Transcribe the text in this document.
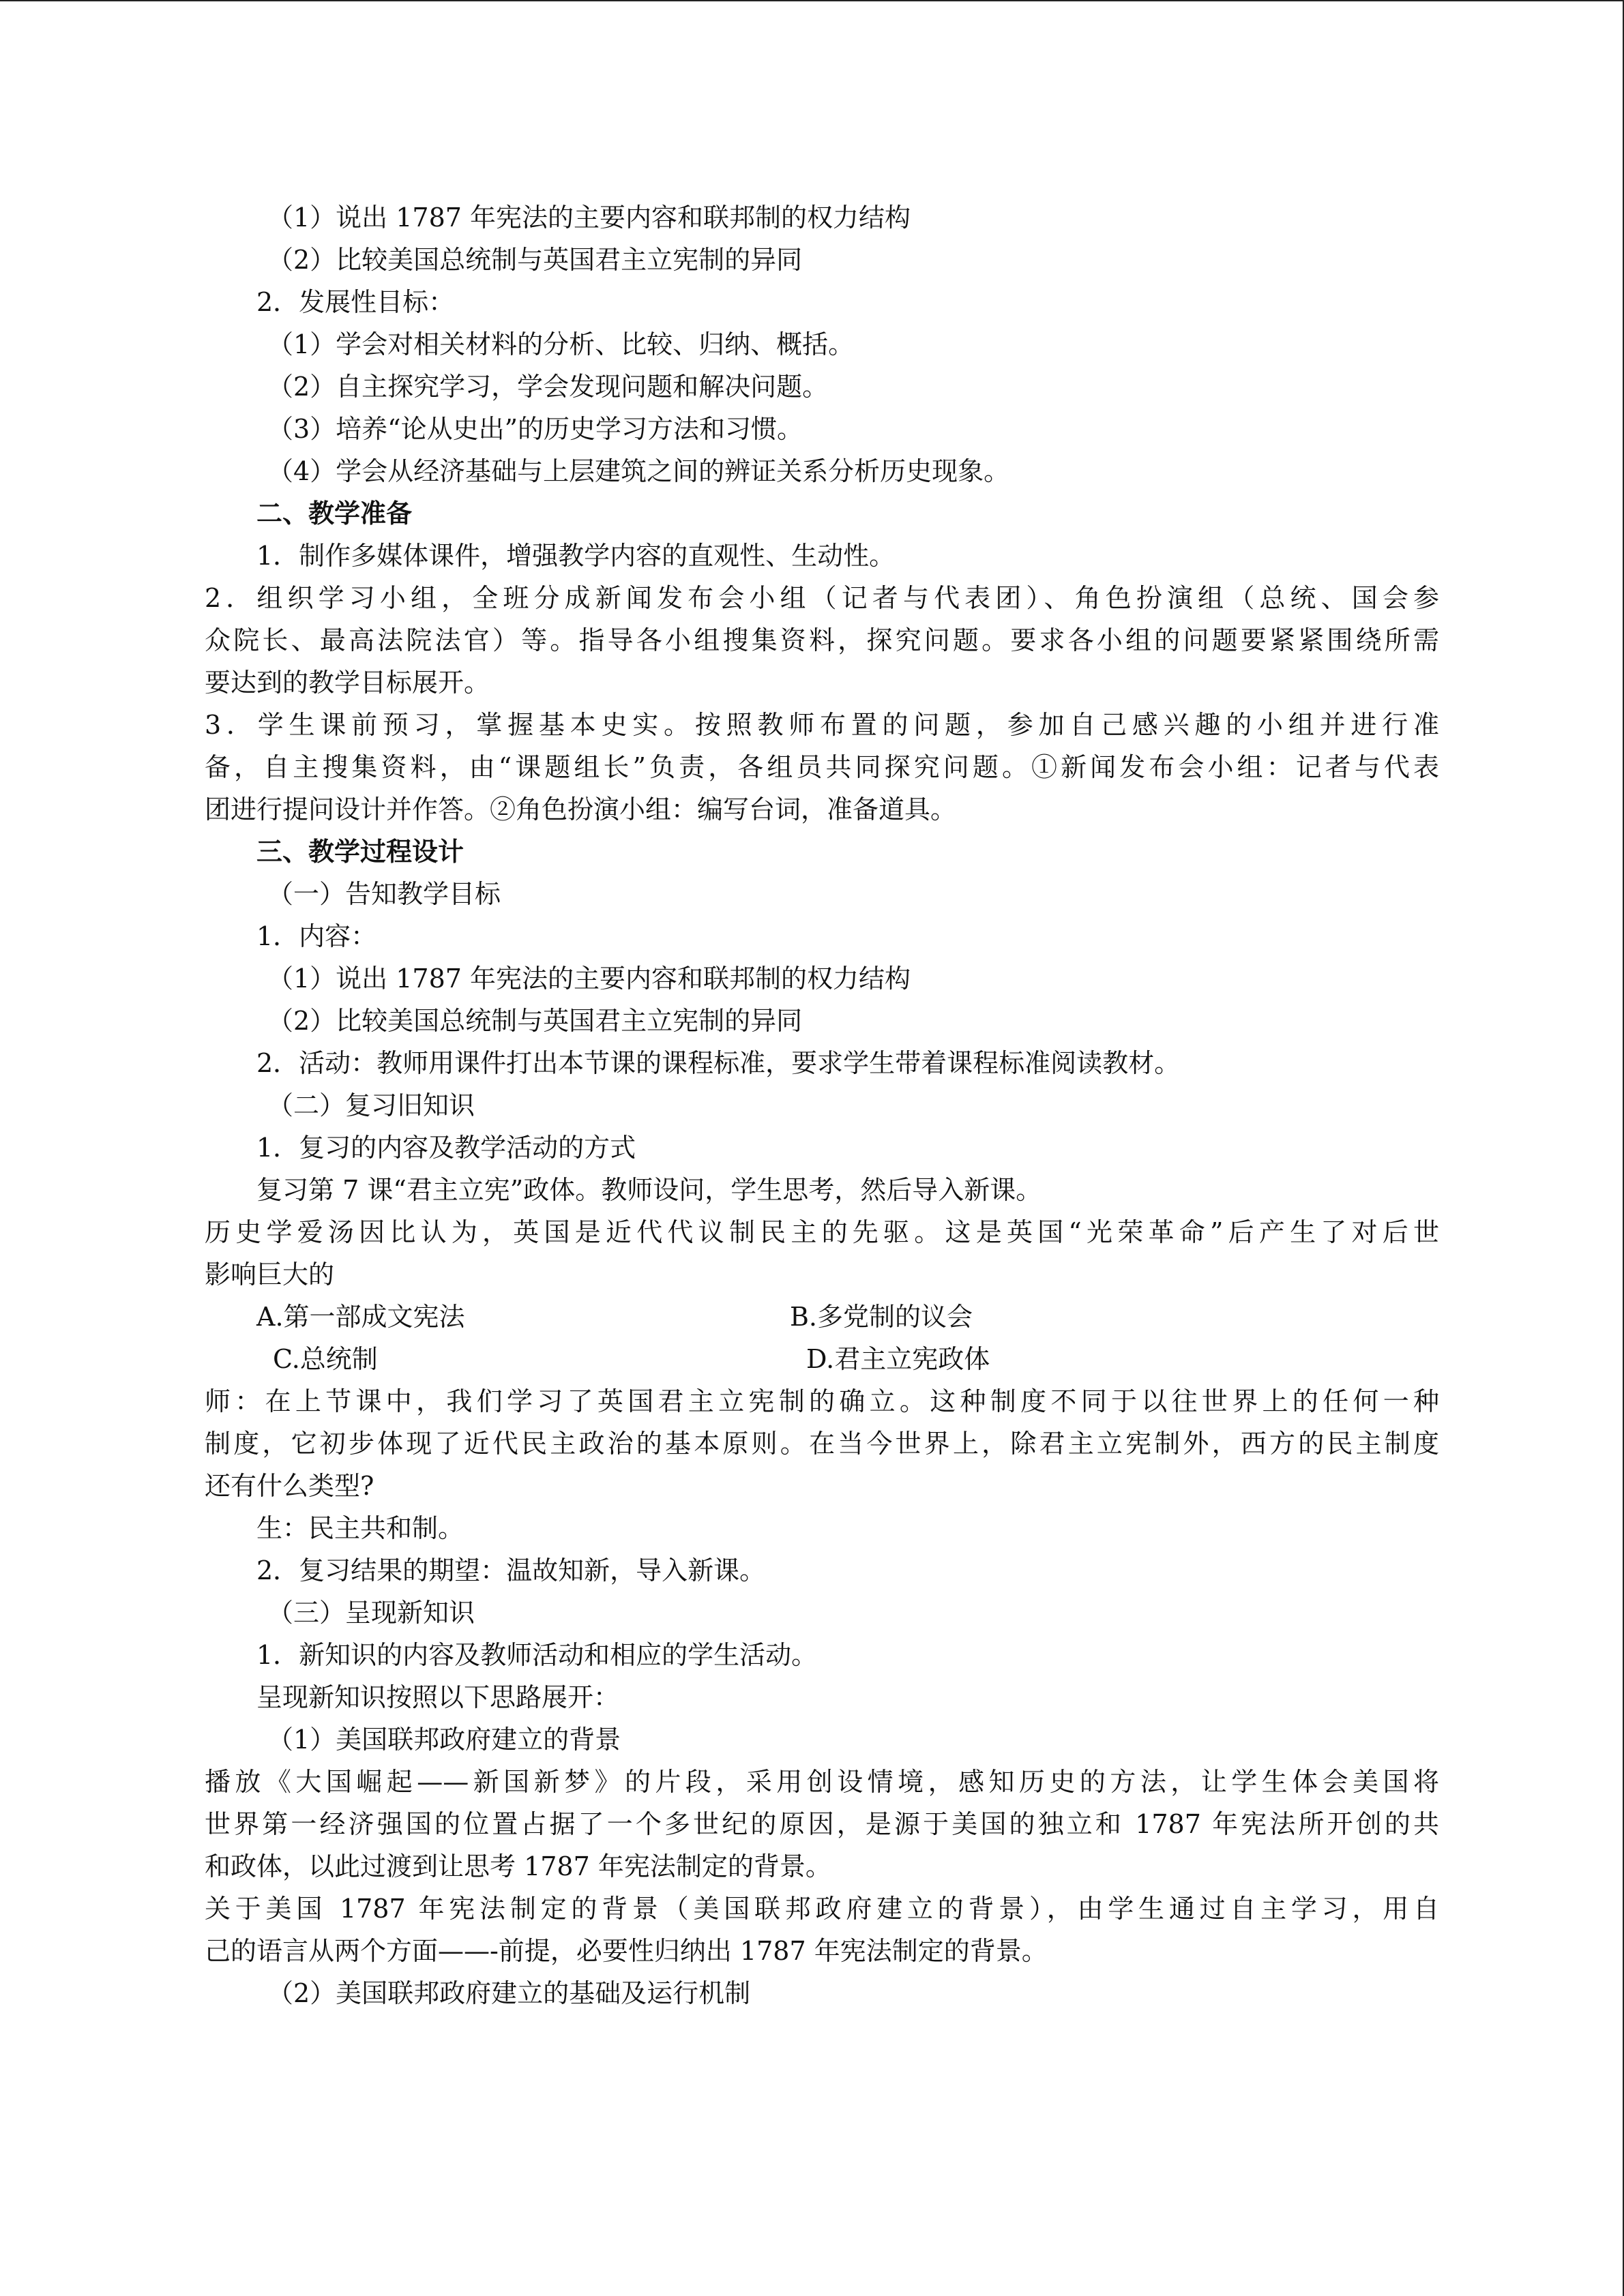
（1）说出 1787 年宪法的主要内容和联邦制的权力结构
（2）比较美国总统制与英国君主立宪制的异同
2．发展性目标：
（1）学会对相关材料的分析、比较、归纳、概括。
（2）自主探究学习，学会发现问题和解决问题。
（3）培养“论从史出”的历史学习方法和习惯。
（4）学会从经济基础与上层建筑之间的辨证关系分析历史现象。
二、教学准备
1．制作多媒体课件，增强教学内容的直观性、生动性。
2．组织学习小组，全班分成新闻发布会小组（记者与代表团）、角色扮演组（总统、国会参
众院长、最高法院法官）等。指导各小组搜集资料，探究问题。要求各小组的问题要紧紧围绕所需
要达到的教学目标展开。
3．学生课前预习，掌握基本史实。按照教师布置的问题，参加自己感兴趣的小组并进行准
备，自主搜集资料，由“课题组长”负责，各组员共同探究问题。①新闻发布会小组：记者与代表
团进行提问设计并作答。②角色扮演小组：编写台词，准备道具。
三、教学过程设计
（一）告知教学目标
1．内容：
（1）说出 1787 年宪法的主要内容和联邦制的权力结构
（2）比较美国总统制与英国君主立宪制的异同
2．活动：教师用课件打出本节课的课程标准，要求学生带着课程标准阅读教材。
（二）复习旧知识
1．复习的内容及教学活动的方式
复习第 7 课“君主立宪”政体。教师设问，学生思考，然后导入新课。
历史学爱汤因比认为，英国是近代代议制民主的先驱。这是英国“光荣革命”后产生了对后世
影响巨大的
A.第一部成文宪法	B.多党制的议会
C.总统制	D.君主立宪政体
师：在上节课中，我们学习了英国君主立宪制的确立。这种制度不同于以往世界上的任何一种
制度，它初步体现了近代民主政治的基本原则。在当今世界上，除君主立宪制外，西方的民主制度
还有什么类型?
生：民主共和制。
2．复习结果的期望：温故知新，导入新课。
（三）呈现新知识
1．新知识的内容及教师活动和相应的学生活动。
呈现新知识按照以下思路展开：
（1）美国联邦政府建立的背景
播放《大国崛起——新国新梦》的片段，采用创设情境，感知历史的方法，让学生体会美国将
世界第一经济强国的位置占据了一个多世纪的原因，是源于美国的独立和 1787 年宪法所开创的共
和政体，以此过渡到让思考 1787 年宪法制定的背景。
关于美国 1787 年宪法制定的背景（美国联邦政府建立的背景），由学生通过自主学习，用自
己的语言从两个方面——-前提，必要性归纳出 1787 年宪法制定的背景。
（2）美国联邦政府建立的基础及运行机制
